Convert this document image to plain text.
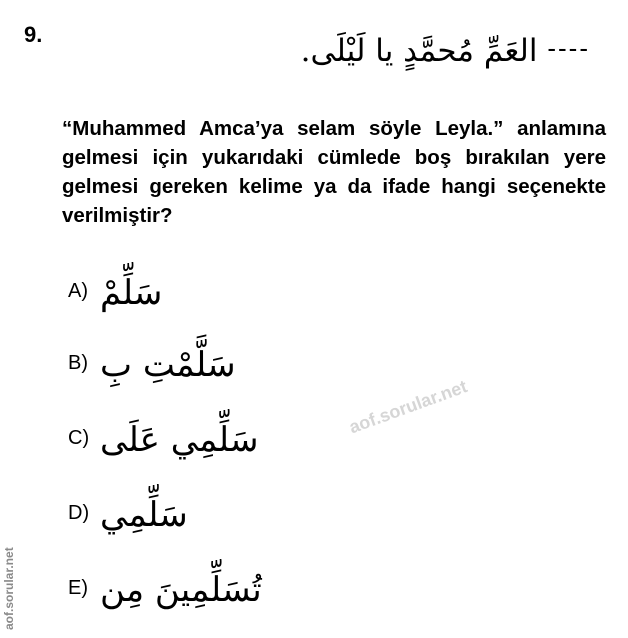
9.	---- العَمِّ مُحمَّدٍ يا لَيْلَى.
“Muhammed Amca’ya selam söyle Leyla.” anlamına gelmesi için yukarıdaki cümlede boş bırakılan yere gelmesi gereken kelime ya da ifade hangi seçenekte verilmiştir?
A) سَلِّمْ
B) سَلَّمْتِ بِ
C) سَلِّمِي عَلَى
D) سَلِّمِي
E) تُسَلِّمِينَ مِن
aof.sorular.net
aof.sorular.net
